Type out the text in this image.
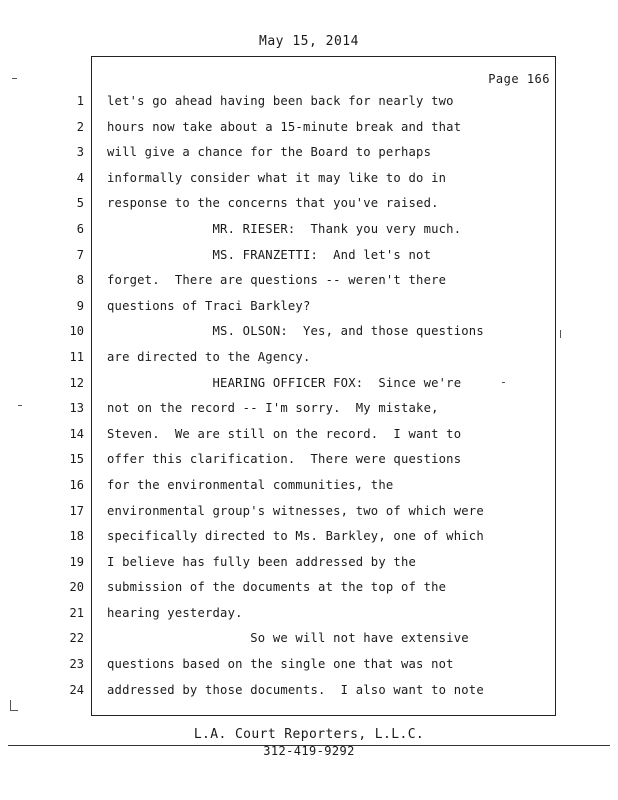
May 15, 2014
Page 166
1
2
3
4
5
6
7
8
9
10
11
12
13
14
15
16
17
18
19
20
21
22
23
24
let's go ahead having been back for nearly two
hours now take about a 15-minute break and that
will give a chance for the Board to perhaps
informally consider what it may like to do in
response to the concerns that you've raised.
MR. RIESER:  Thank you very much.
MS. FRANZETTI:  And let's not
forget.  There are questions -- weren't there
questions of Traci Barkley?
MS. OLSON:  Yes, and those questions
are directed to the Agency.
HEARING OFFICER FOX:  Since we're
not on the record -- I'm sorry.  My mistake,
Steven.  We are still on the record.  I want to
offer this clarification.  There were questions
for the environmental communities, the
environmental group's witnesses, two of which were
specifically directed to Ms. Barkley, one of which
I believe has fully been addressed by the
submission of the documents at the top of the
hearing yesterday.
So we will not have extensive
questions based on the single one that was not
addressed by those documents.  I also want to note
L.A. Court Reporters, L.L.C.
312-419-9292
